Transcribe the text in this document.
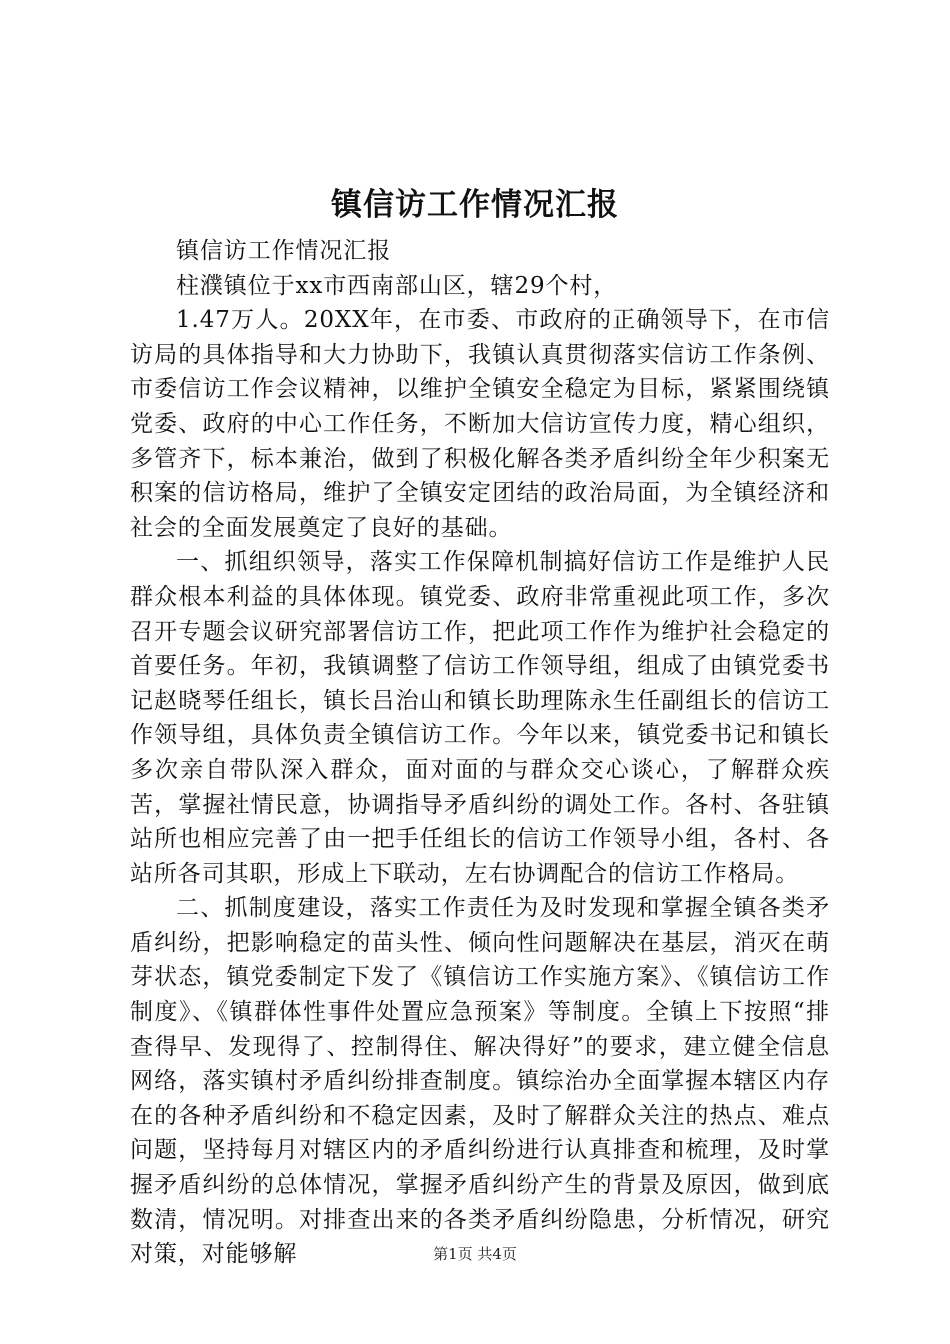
镇信访工作情况汇报

镇信访工作情况汇报

柱濮镇位于xx市西南部山区，辖29个村，

1.47万人。20XX年，在市委、市政府的正确领导下，在市信访局的具体指导和大力协助下，我镇认真贯彻落实信访工作条例、市委信访工作会议精神，以维护全镇安全稳定为目标，紧紧围绕镇党委、政府的中心工作任务，不断加大信访宣传力度，精心组织，多管齐下，标本兼治，做到了积极化解各类矛盾纠纷全年少积案无积案的信访格局，维护了全镇安定团结的政治局面，为全镇经济和社会的全面发展奠定了良好的基础。

一、抓组织领导，落实工作保障机制搞好信访工作是维护人民群众根本利益的具体体现。镇党委、政府非常重视此项工作，多次召开专题会议研究部署信访工作，把此项工作作为维护社会稳定的首要任务。年初，我镇调整了信访工作领导组，组成了由镇党委书记赵晓琴任组长，镇长吕治山和镇长助理陈永生任副组长的信访工作领导组，具体负责全镇信访工作。今年以来，镇党委书记和镇长多次亲自带队深入群众，面对面的与群众交心谈心，了解群众疾苦，掌握社情民意，协调指导矛盾纠纷的调处工作。各村、各驻镇站所也相应完善了由一把手任组长的信访工作领导小组，各村、各站所各司其职，形成上下联动，左右协调配合的信访工作格局。

二、抓制度建设，落实工作责任为及时发现和掌握全镇各类矛盾纠纷，把影响稳定的苗头性、倾向性问题解决在基层，消灭在萌芽状态，镇党委制定下发了《镇信访工作实施方案》、《镇信访工作制度》、《镇群体性事件处置应急预案》等制度。全镇上下按照“排查得早、发现得了、控制得住、解决得好”的要求，建立健全信息网络，落实镇村矛盾纠纷排查制度。镇综治办全面掌握本辖区内存在的各种矛盾纠纷和不稳定因素，及时了解群众关注的热点、难点问题，坚持每月对辖区内的矛盾纠纷进行认真排查和梳理，及时掌握矛盾纠纷的总体情况，掌握矛盾纠纷产生的背景及原因，做到底数清，情况明。对排查出来的各类矛盾纠纷隐患，分析情况，研究对策，对能够解	第1页 共4页
